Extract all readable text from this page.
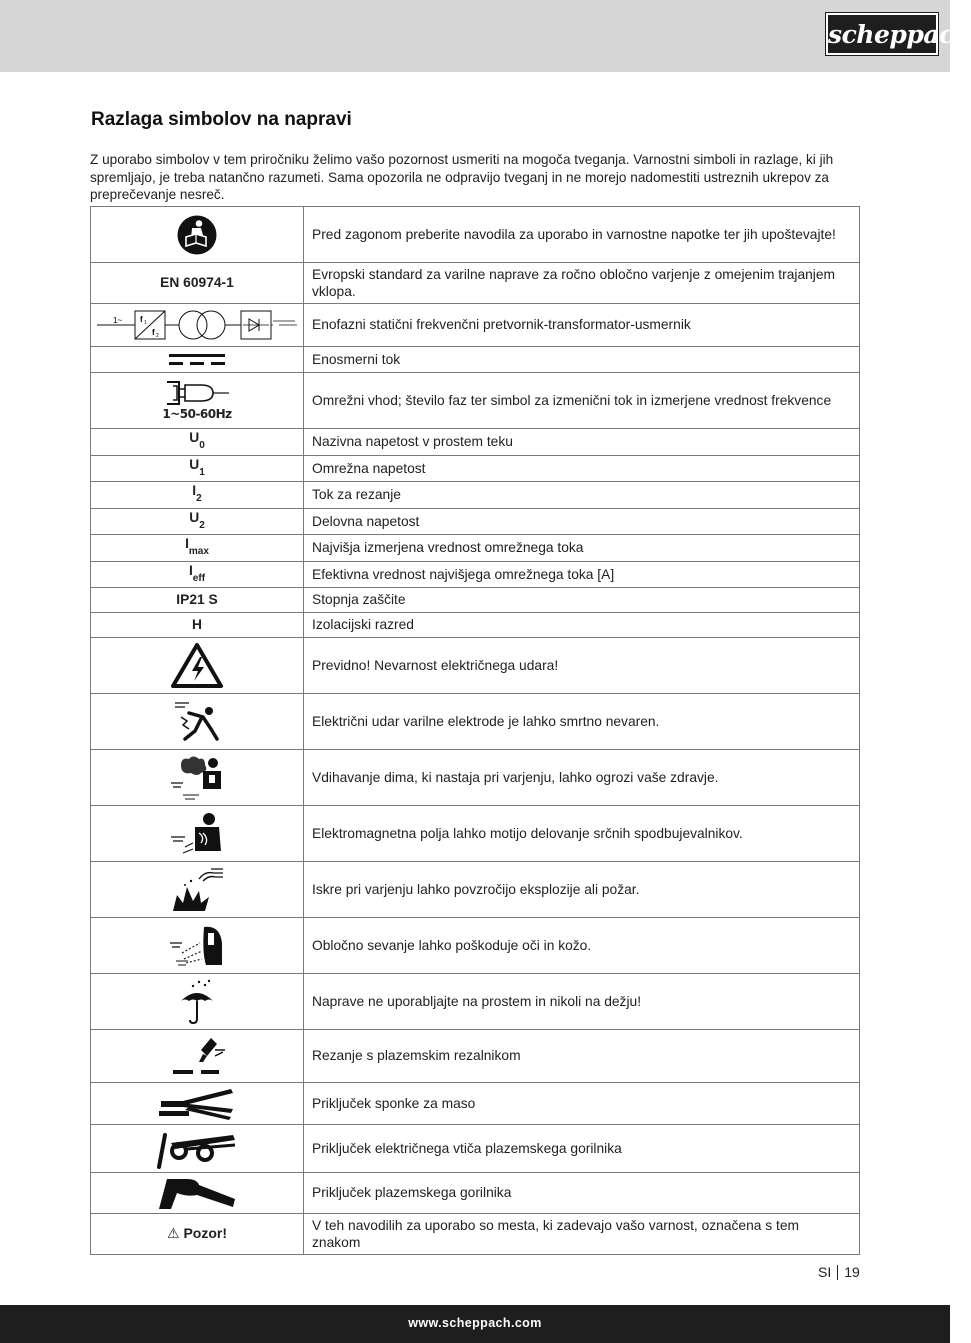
scheppach
Razlaga simbolov na napravi

Z uporabo simbolov v tem priročniku želimo vašo pozornost usmeriti na mogoča tveganja. Varnostni simboli in razlage, ki jih spremljajo, je treba natančno razumeti. Sama opozorila ne odpravijo tveganj in ne morejo nadomestiti ustreznih ukrepov za preprečevanje nesreč.

	Pred zagonom preberite navodila za uporabo in varnostne napotke ter jih upoštevajte!
EN 60974-1	Evropski standard za varilne naprave za ročno obločno varjenje z omejenim trajanjem vklopa.

1~ f 1
f 2	Enofazni statični frekvenčni pretvornik-transformator-usmernik
	Enosmerni tok

1~50-60Hz	Omrežni vhod; število faz ter simbol za izmenični tok in izmerjene vrednost frekvence
$U_0$	Nazivna napetost v prostem teku
$U_1$	Omrežna napetost
$I_2$	Tok za rezanje
$U_2$	Delovna napetost
$I_{max}$	Najvišja izmerjena vrednost omrežnega toka
$I_{eff}$	Efektivna vrednost najvišjega omrežnega toka [A]
IP21 S	Stopnja zaščite
H	Izolacijski razred
	Previdno! Nevarnost električnega udara!
	Električni udar varilne elektrode je lahko smrtno nevaren.
	Vdihavanje dima, ki nastaja pri varjenju, lahko ogrozi vaše zdravje.
	Elektromagnetna polja lahko motijo delovanje srčnih spodbujevalnikov.
	Iskre pri varjenju lahko povzročijo eksplozije ali požar.
	Obločno sevanje lahko poškoduje oči in kožo.
	Naprave ne uporabljajte na prostem in nikoli na dežju!
	Rezanje s plazemskim rezalnikom
	Priključek sponke za maso
	Priključek električnega vtiča plazemskega gorilnika
	Priključek plazemskega gorilnika
⚠ Pozor!	V teh navodilih za uporabo so mesta, ki zadevajo vašo varnost, označena s tem znakom
SI 19
www.scheppach.com
